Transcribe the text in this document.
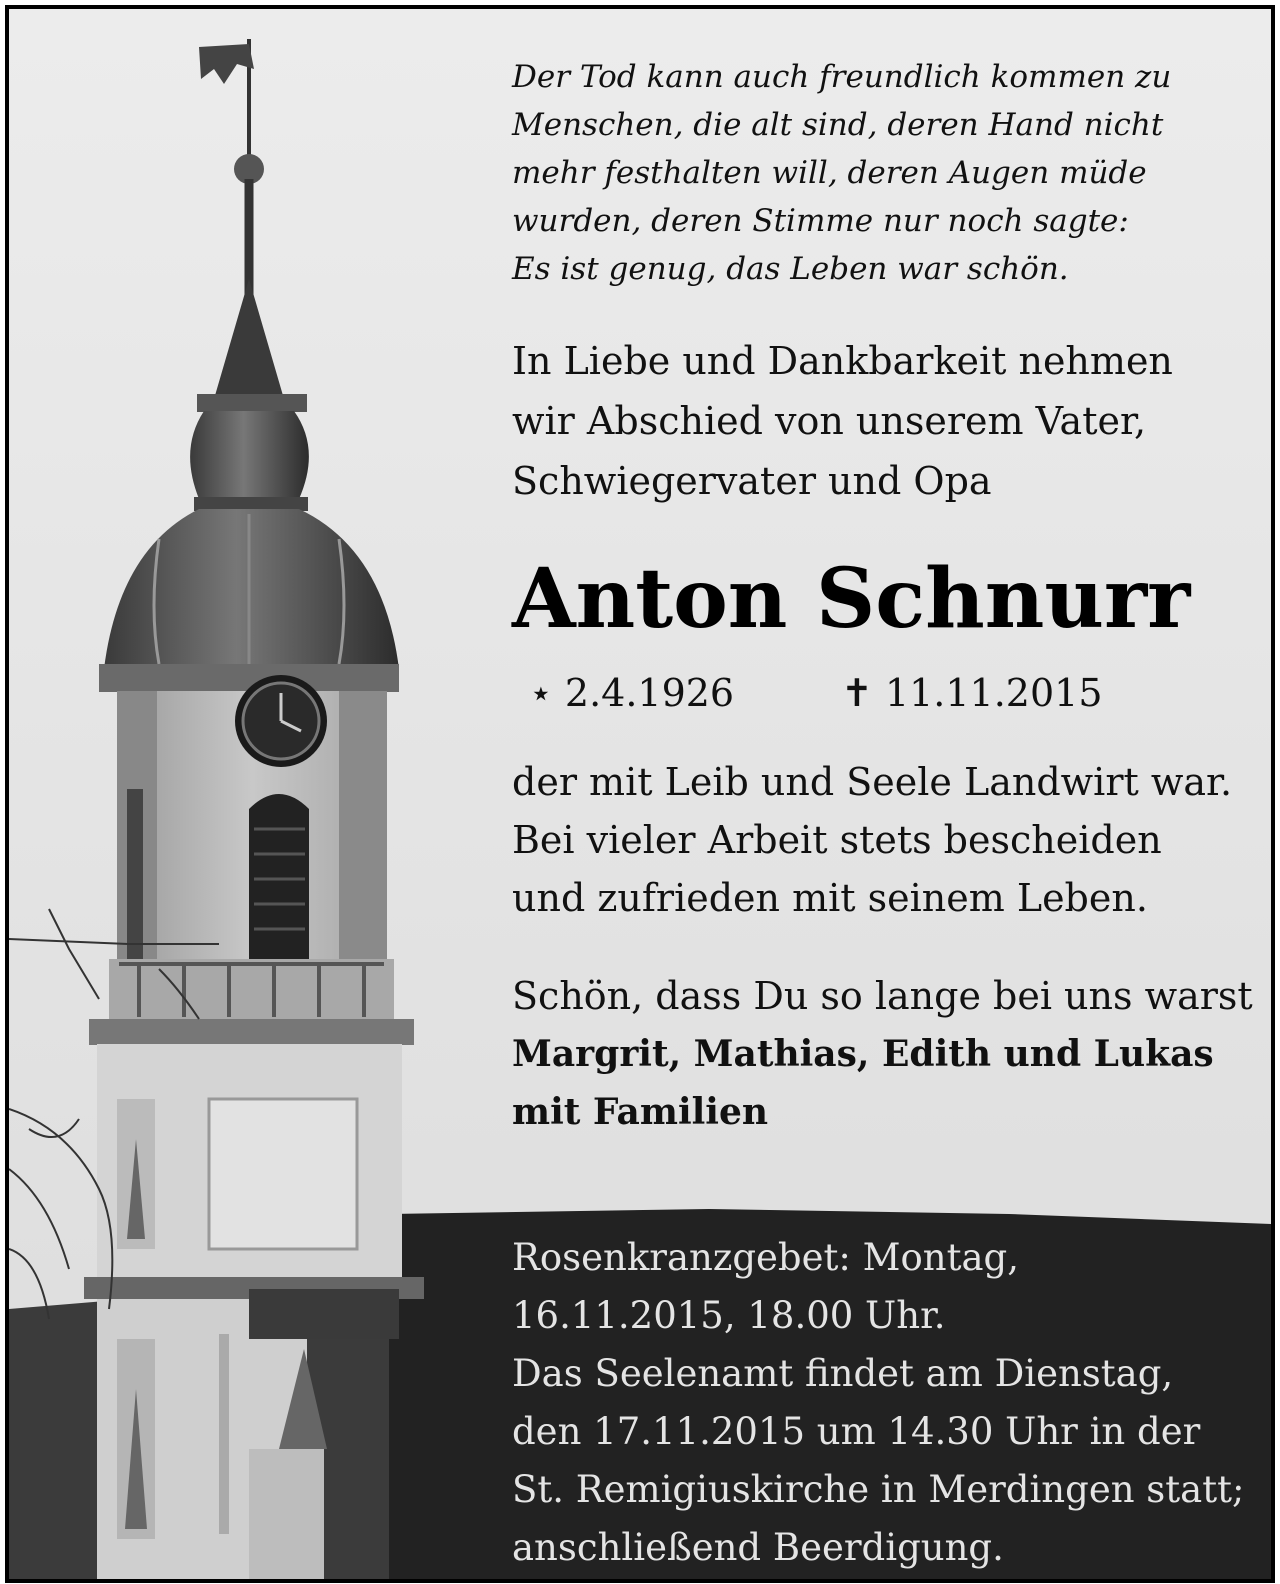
Der Tod kann auch freundlich kommen zu
Menschen, die alt sind, deren Hand nicht
mehr festhalten will, deren Augen müde
wurden, deren Stimme nur noch sagte:
Es ist genug, das Leben war schön.
In Liebe und Dankbarkeit nehmen
wir Abschied von unserem Vater,
Schwiegervater und Opa
Anton Schnurr
⋆ 2.4.1926	✝ 11.11.2015
der mit Leib und Seele Landwirt war.
Bei vieler Arbeit stets bescheiden
und zufrieden mit seinem Leben.
Schön, dass Du so lange bei uns warst
Margrit, Mathias, Edith und Lukas
mit Familien
Rosenkranzgebet: Montag,
16.11.2015, 18.00 Uhr.
Das Seelenamt findet am Dienstag,
den 17.11.2015 um 14.30 Uhr in der
St. Remigiuskirche in Merdingen statt;
anschließend Beerdigung.
